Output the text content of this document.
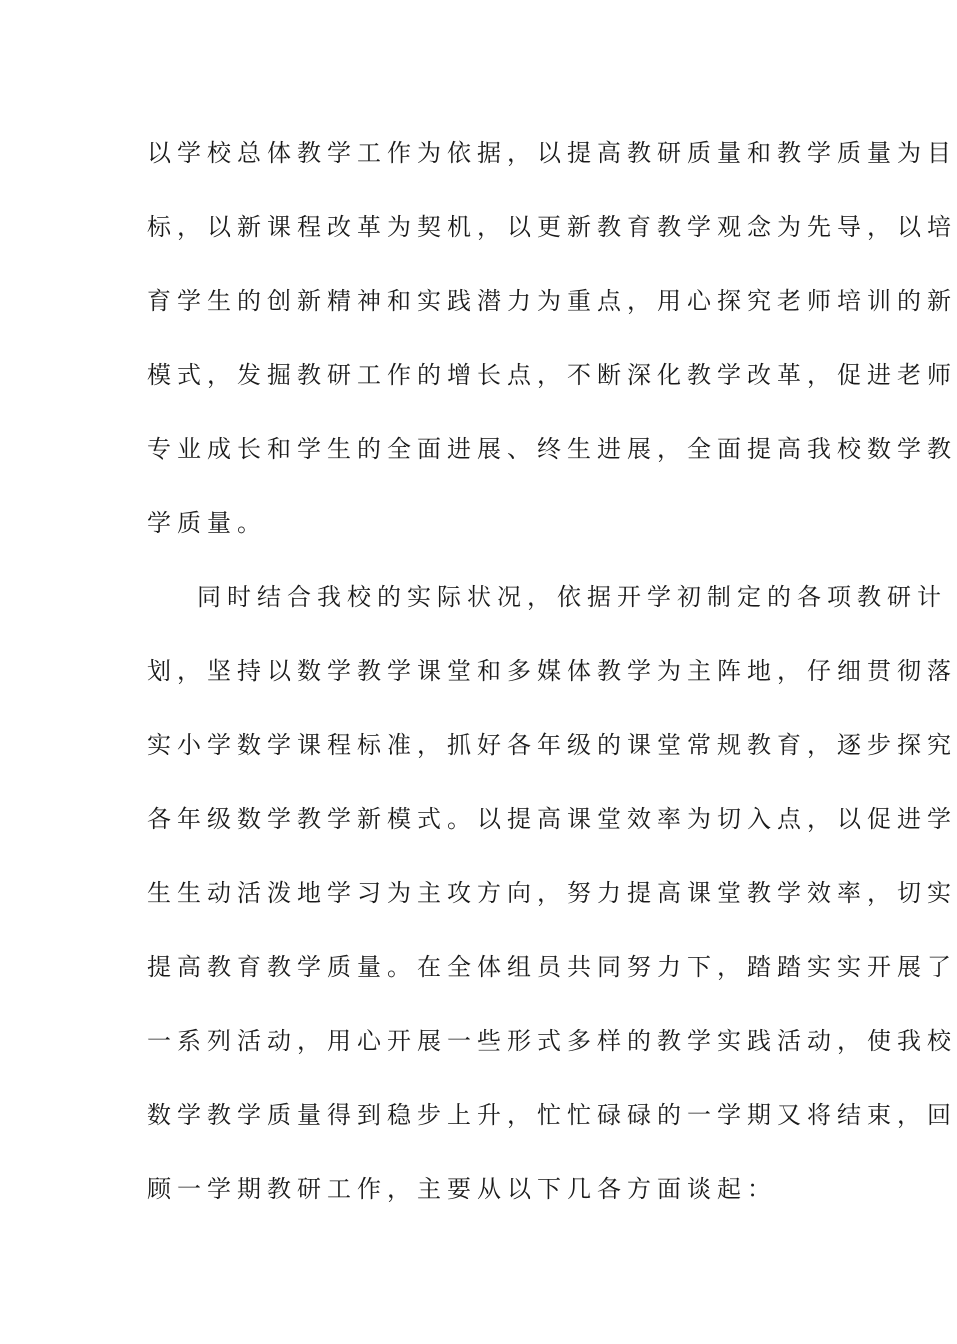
以学校总体教学工作为依据，以提高教研质量和教学质量为目
标，以新课程改革为契机，以更新教育教学观念为先导，以培
育学生的创新精神和实践潜力为重点，用心探究老师培训的新
模式，发掘教研工作的增长点，不断深化教学改革，促进老师
专业成长和学生的全面进展、终生进展，全面提高我校数学教
学质量。
同时结合我校的实际状况，依据开学初制定的各项教研计
划，坚持以数学教学课堂和多媒体教学为主阵地，仔细贯彻落
实小学数学课程标准，抓好各年级的课堂常规教育，逐步探究
各年级数学教学新模式。以提高课堂效率为切入点，以促进学
生生动活泼地学习为主攻方向，努力提高课堂教学效率，切实
提高教育教学质量。在全体组员共同努力下，踏踏实实开展了
一系列活动，用心开展一些形式多样的教学实践活动，使我校
数学教学质量得到稳步上升，忙忙碌碌的一学期又将结束，回
顾一学期教研工作，主要从以下几各方面谈起：
